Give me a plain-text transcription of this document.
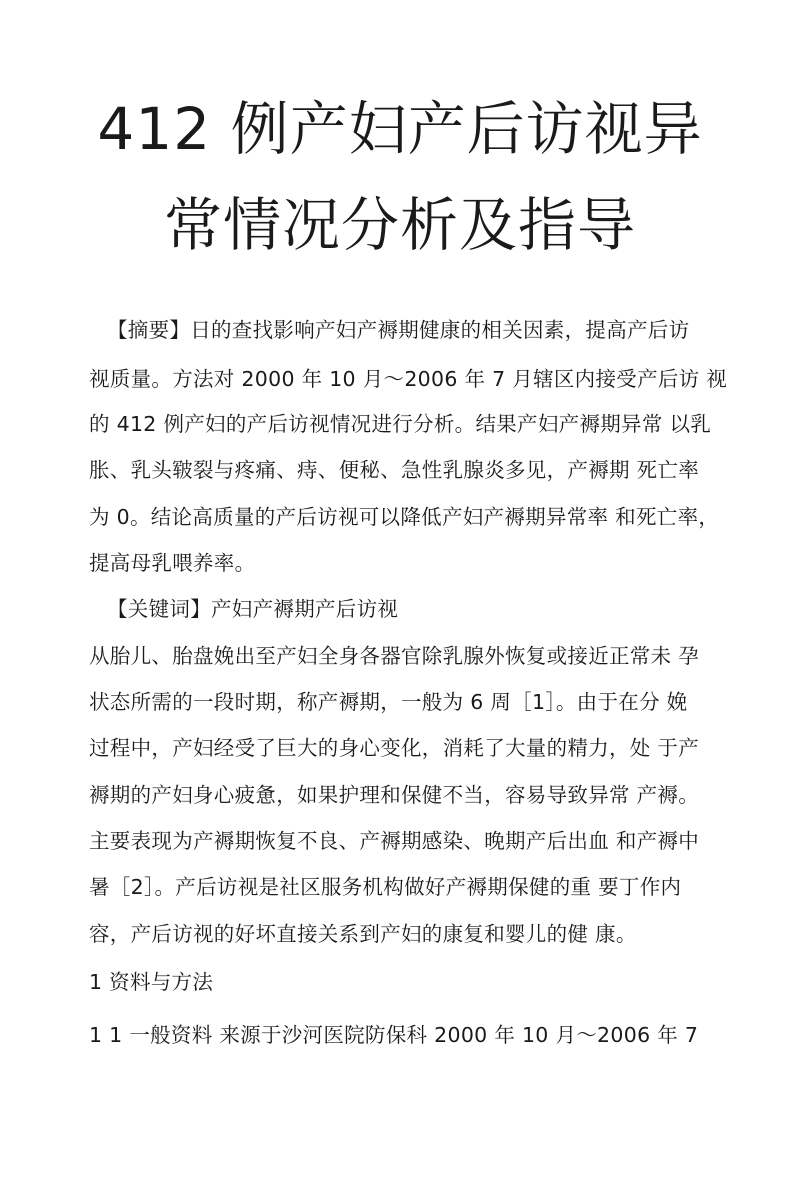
412 例产妇产后访视异
常情况分析及指导
【摘要】日的查找影响产妇产褥期健康的相关因素，提高产后访
视质量。方法对 2000 年 10 月～2006 年 7 月辖区内接受产后访 视
的 412 例产妇的产后访视情况进行分析。结果产妇产褥期异常 以乳
胀、乳头皲裂与疼痛、痔、便秘、急性乳腺炎多见，产褥期 死亡率
为 0。结论高质量的产后访视可以降低产妇产褥期异常率 和死亡率，
提高母乳喂养率。
【关键词】产妇产褥期产后访视
从胎儿、胎盘娩出至产妇全身各器官除乳腺外恢复或接近正常未 孕
状态所需的一段时期，称产褥期，一般为 6 周［1］。由于在分 娩
过程中，产妇经受了巨大的身心变化，消耗了大量的精力，处 于产
褥期的产妇身心疲惫，如果护理和保健不当，容易导致异常 产褥。
主要表现为产褥期恢复不良、产褥期感染、晚期产后出血 和产褥中
暑［2］。产后访视是社区服务机构做好产褥期保健的重 要丁作内
容，产后访视的好坏直接关系到产妇的康复和婴儿的健 康。
1 资料与方法
1 1 一般资料 来源于沙河医院防保科 2000 年 10 月～2006 年 7
